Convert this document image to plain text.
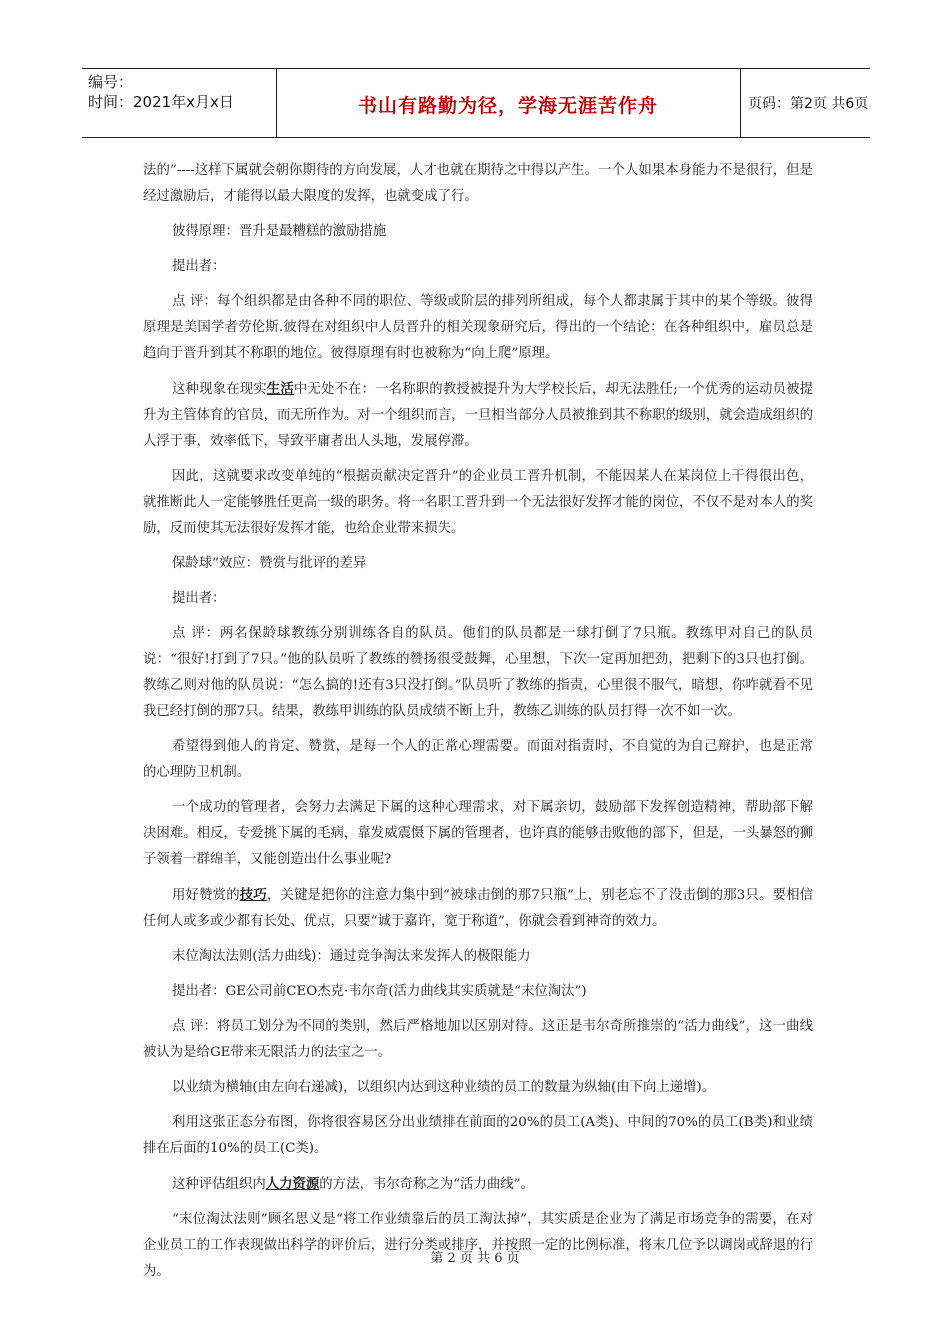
编号：
时间：2021年x月x日	书山有路勤为径，学海无涯苦作舟	页码：第2页 共6页

法的”----这样下属就会朝你期待的方向发展，人才也就在期待之中得以产生。一个人如果本身能力不是很行，但是经过激励后，才能得以最大限度的发挥，也就变成了行。

彼得原理：晋升是最糟糕的激励措施

提出者：

点 评：每个组织都是由各种不同的职位、等级或阶层的排列所组成，每个人都隶属于其中的某个等级。彼得原理是美国学者劳伦斯.彼得在对组织中人员晋升的相关现象研究后，得出的一个结论：在各种组织中，雇员总是趋向于晋升到其不称职的地位。彼得原理有时也被称为“向上爬”原理。

这种现象在现实生活中无处不在：一名称职的教授被提升为大学校长后，却无法胜任;一个优秀的运动员被提升为主管体育的官员，而无所作为。对一个组织而言，一旦相当部分人员被推到其不称职的级别，就会造成组织的人浮于事，效率低下，导致平庸者出人头地，发展停滞。

因此，这就要求改变单纯的“根据贡献决定晋升”的企业员工晋升机制，不能因某人在某岗位上干得很出色，就推断此人一定能够胜任更高一级的职务。将一名职工晋升到一个无法很好发挥才能的岗位，不仅不是对本人的奖励，反而使其无法很好发挥才能，也给企业带来损失。

保龄球”效应：赞赏与批评的差异

提出者：

点 评：两名保龄球教练分别训练各自的队员。他们的队员都是一球打倒了7只瓶。教练甲对自己的队员说：“很好!打到了7只。”他的队员听了教练的赞扬很受鼓舞，心里想，下次一定再加把劲，把剩下的3只也打倒。教练乙则对他的队员说：“怎么搞的!还有3只没打倒。”队员听了教练的指责，心里很不服气，暗想，你咋就看不见我已经打倒的那7只。结果，教练甲训练的队员成绩不断上升，教练乙训练的队员打得一次不如一次。

希望得到他人的肯定、赞赏，是每一个人的正常心理需要。而面对指责时，不自觉的为自己辩护，也是正常的心理防卫机制。

一个成功的管理者，会努力去满足下属的这种心理需求，对下属亲切，鼓励部下发挥创造精神，帮助部下解决困难。相反，专爱挑下属的毛病，靠发威震慑下属的管理者，也许真的能够击败他的部下，但是，一头暴怒的狮子领着一群绵羊，又能创造出什么事业呢?

用好赞赏的技巧，关键是把你的注意力集中到“被球击倒的那7只瓶”上，别老忘不了没击倒的那3只。要相信任何人或多或少都有长处、优点，只要“诚于嘉许，宽于称道”，你就会看到神奇的效力。

末位淘汰法则(活力曲线)：通过竞争淘汰来发挥人的极限能力

提出者：GE公司前CEO杰克·韦尔奇(活力曲线其实质就是“末位淘汰”)

点 评：将员工划分为不同的类别，然后严格地加以区别对待。这正是韦尔奇所推崇的“活力曲线”，这一曲线被认为是给GE带来无限活力的法宝之一。

以业绩为横轴(由左向右递减)，以组织内达到这种业绩的员工的数量为纵轴(由下向上递增)。

利用这张正态分布图，你将很容易区分出业绩排在前面的20%的员工(A类)、中间的70%的员工(B类)和业绩排在后面的10%的员工(C类)。

这种评估组织内人力资源的方法，韦尔奇称之为“活力曲线”。

“末位淘汰法则”顾名思义是“将工作业绩靠后的员工淘汰掉”，其实质是企业为了满足市场竞争的需要，在对企业员工的工作表现做出科学的评价后，进行分类或排序，并按照一定的比例标准，将末几位予以调岗或辞退的行为。

第 2 页 共 6 页
